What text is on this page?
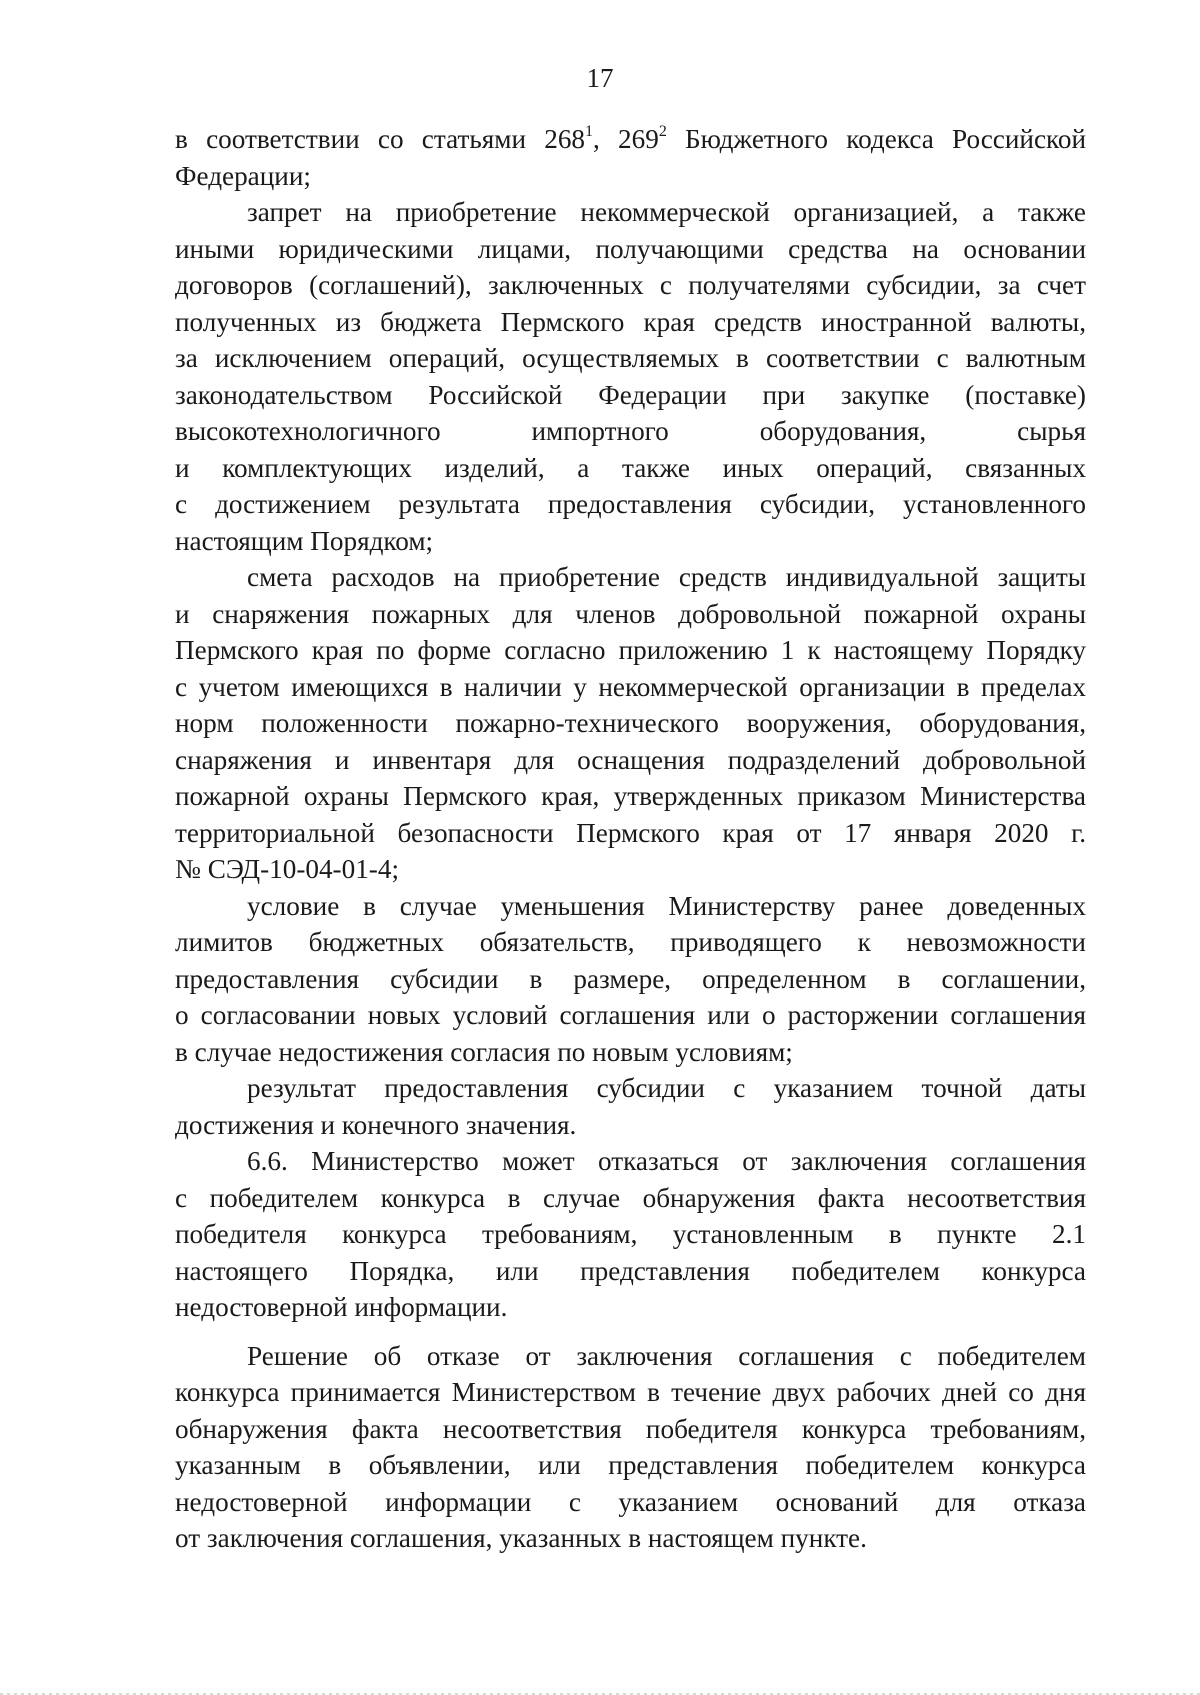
17

в соответствии со статьями $268^1$, $269^2$ Бюджетного кодекса Российской
Федерации;

запрет на приобретение некоммерческой организацией, а также
иными юридическими лицами, получающими средства на основании
договоров (соглашений), заключенных с получателями субсидии, за счет
полученных из бюджета Пермского края средств иностранной валюты,
за исключением операций, осуществляемых в соответствии с валютным
законодательством Российской Федерации при закупке (поставке)
высокотехнологичного импортного оборудования, сырья
и комплектующих изделий, а также иных операций, связанных
с достижением результата предоставления субсидии, установленного
настоящим Порядком;

смета расходов на приобретение средств индивидуальной защиты
и снаряжения пожарных для членов добровольной пожарной охраны
Пермского края по форме согласно приложению 1 к настоящему Порядку
с учетом имеющихся в наличии у некоммерческой организации в пределах
норм положенности пожарно-технического вооружения, оборудования,
снаряжения и инвентаря для оснащения подразделений добровольной
пожарной охраны Пермского края, утвержденных приказом Министерства
территориальной безопасности Пермского края от 17 января 2020 г.
№ СЭД-10-04-01-4;

условие в случае уменьшения Министерству ранее доведенных
лимитов бюджетных обязательств, приводящего к невозможности
предоставления субсидии в размере, определенном в соглашении,
о согласовании новых условий соглашения или о расторжении соглашения
в случае недостижения согласия по новым условиям;

результат предоставления субсидии с указанием точной даты
достижения и конечного значения.

6.6. Министерство может отказаться от заключения соглашения
с победителем конкурса в случае обнаружения факта несоответствия
победителя конкурса требованиям, установленным в пункте 2.1
настоящего Порядка, или представления победителем конкурса
недостоверной информации.

Решение об отказе от заключения соглашения с победителем
конкурса принимается Министерством в течение двух рабочих дней со дня
обнаружения факта несоответствия победителя конкурса требованиям,
указанным в объявлении, или представления победителем конкурса
недостоверной информации с указанием оснований для отказа
от заключения соглашения, указанных в настоящем пункте.
